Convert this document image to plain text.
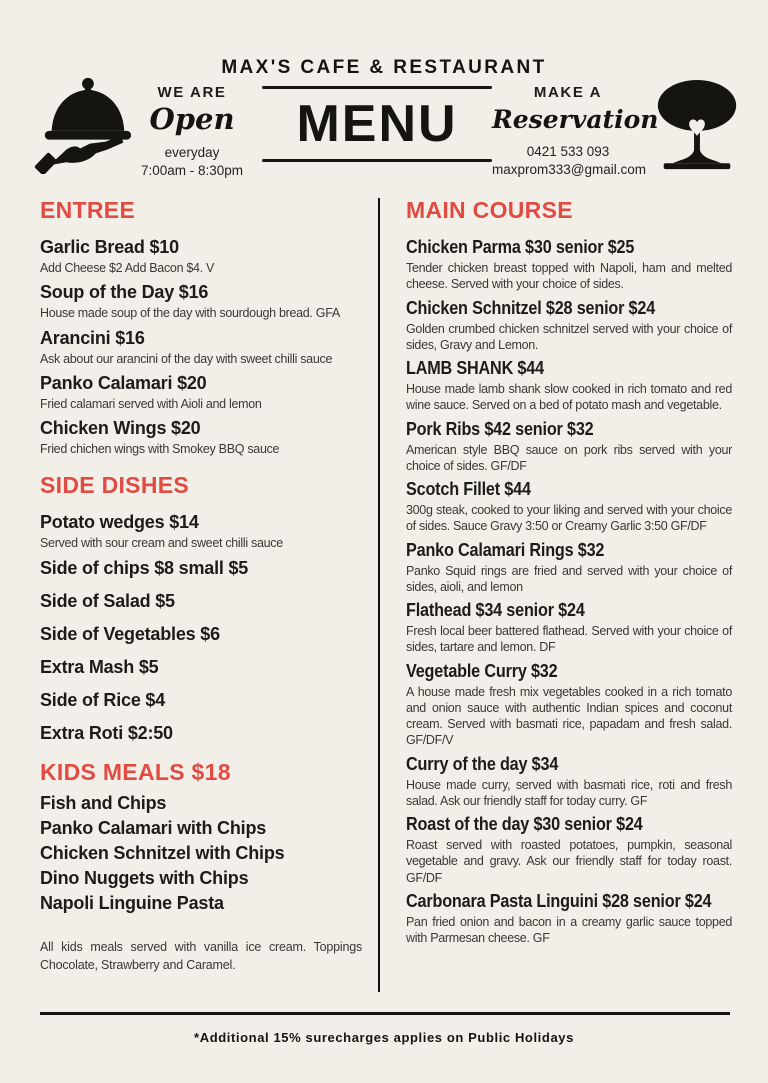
MAX'S CAFE & RESTAURANT
WE ARE
Open
everyday
7:00am - 8:30pm
MENU
MAKE A
Reservation
0421 533 093
maxprom333@gmail.com
ENTREE
Garlic Bread $10
Add Cheese $2 Add Bacon $4. V
Soup of the Day $16
House made soup of the day with sourdough bread. GFA
Arancini $16
Ask about our arancini of the day with sweet chilli sauce
Panko Calamari $20
Fried calamari served with Aioli and lemon
Chicken Wings $20
Fried chichen wings with Smokey BBQ sauce
SIDE DISHES
Potato wedges $14
Served with sour cream and sweet chilli sauce
Side of chips $8 small $5
Side of Salad $5
Side of Vegetables $6
Extra Mash $5
Side of Rice $4
Extra Roti $2:50
KIDS MEALS $18
Fish and Chips
Panko Calamari with Chips
Chicken Schnitzel with Chips
Dino Nuggets with Chips
Napoli Linguine Pasta

All kids meals served with vanilla ice cream. Toppings Chocolate, Strawberry and Caramel.

MAIN COURSE
Chicken Parma $30 senior $25
Tender chicken breast topped with Napoli, ham and melted cheese. Served with your choice of sides.
Chicken Schnitzel $28 senior $24
Golden crumbed chicken schnitzel served with your choice of sides, Gravy and Lemon.
LAMB SHANK $44
House made lamb shank slow cooked in rich tomato and red wine sauce. Served on a bed of potato mash and vegetable.
Pork Ribs $42 senior $32
American style BBQ sauce on pork ribs served with your choice of sides. GF/DF
Scotch Fillet $44
300g steak, cooked to your liking and served with your choice of sides. Sauce Gravy 3:50 or Creamy Garlic 3:50 GF/DF
Panko Calamari Rings $32
Panko Squid rings are fried and served with your choice of sides, aioli, and lemon
Flathead $34 senior $24
Fresh local beer battered flathead. Served with your choice of sides, tartare and lemon. DF
Vegetable Curry $32
A house made fresh mix vegetables cooked in a rich tomato and onion sauce with authentic Indian spices and coconut cream. Served with basmati rice, papadam and fresh salad. GF/DF/V
Curry of the day $34
House made curry, served with basmati rice, roti and fresh salad. Ask our friendly staff for today curry. GF
Roast of the day $30 senior $24
Roast served with roasted potatoes, pumpkin, seasonal vegetable and gravy. Ask our friendly staff for today roast. GF/DF
Carbonara Pasta Linguini $28 senior $24
Pan fried onion and bacon in a creamy garlic sauce topped with Parmesan cheese. GF
*Additional 15% surecharges applies on Public Holidays
